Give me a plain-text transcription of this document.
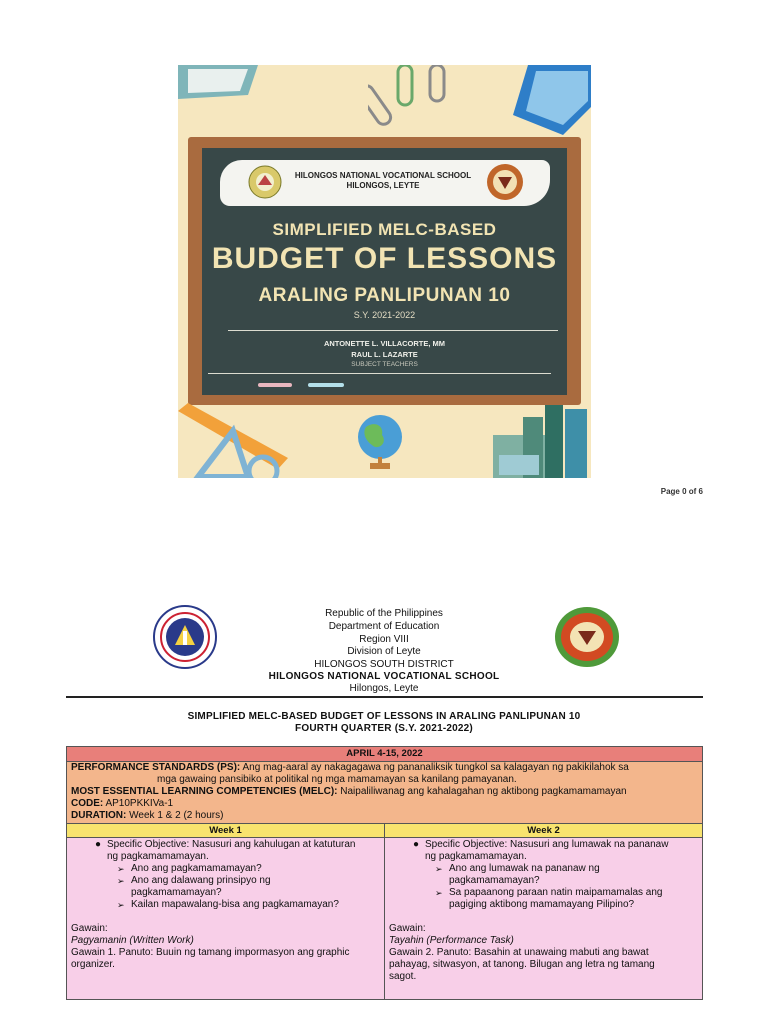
HILONGOS NATIONAL VOCATIONAL SCHOOL
HILONGOS, LEYTE
SIMPLIFIED MELC-BASED
BUDGET OF LESSONS
ARALING PANLIPUNAN 10
S.Y. 2021-2022
ANTONETTE L. VILLACORTE, MM
RAUL L. LAZARTE
SUBJECT TEACHERS
Page 0 of 6
Republic of the Philippines
Department of Education
Region VIII
Division of Leyte
HILONGOS SOUTH DISTRICT
HILONGOS NATIONAL VOCATIONAL SCHOOL
Hilongos, Leyte
SIMPLIFIED MELC-BASED BUDGET OF LESSONS IN ARALING PANLIPUNAN 10
FOURTH QUARTER (S.Y. 2021-2022)
APRIL 4-15, 2022
PERFORMANCE STANDARDS (PS): Ang mag-aaral ay nakagagawa ng pananaliksik tungkol sa kalagayan ng pakikilahok sa
mga gawaing pansibiko at politikal ng mga mamamayan sa kanilang pamayanan.
MOST ESSENTIAL LEARNING COMPETENCIES (MELC): Naipaliliwanag ang kahalagahan ng aktibong pagkamamamayan
CODE: AP10PKKIVa-1
DURATION: Week 1 & 2 (2 hours)
Week 1	Week 2
● Specific Objective: Nasusuri ang kahulugan at katuturan
ng pagkamamamayan.
➢ Ano ang pagkamamamayan?
➢ Ano ang dalawang prinsipyo ng
pagkamamamayan?
➢ Kailan mapawalang-bisa ang pagkamamayan?
Gawain:
Pagyamanin (Written Work)
Gawain 1. Panuto: Buuin ng tamang impormasyon ang graphic
organizer.
● Specific Objective: Nasusuri ang lumawak na pananaw
ng pagkamamamayan.
➢ Ano ang lumawak na pananaw ng
pagkamamamayan?
➢ Sa papaanong paraan natin maipamamalas ang
pagiging aktibong mamamayang Pilipino?
Gawain:
Tayahin (Performance Task)
Gawain 2. Panuto: Basahin at unawaing mabuti ang bawat
pahayag, sitwasyon, at tanong. Bilugan ang letra ng tamang
sagot.
